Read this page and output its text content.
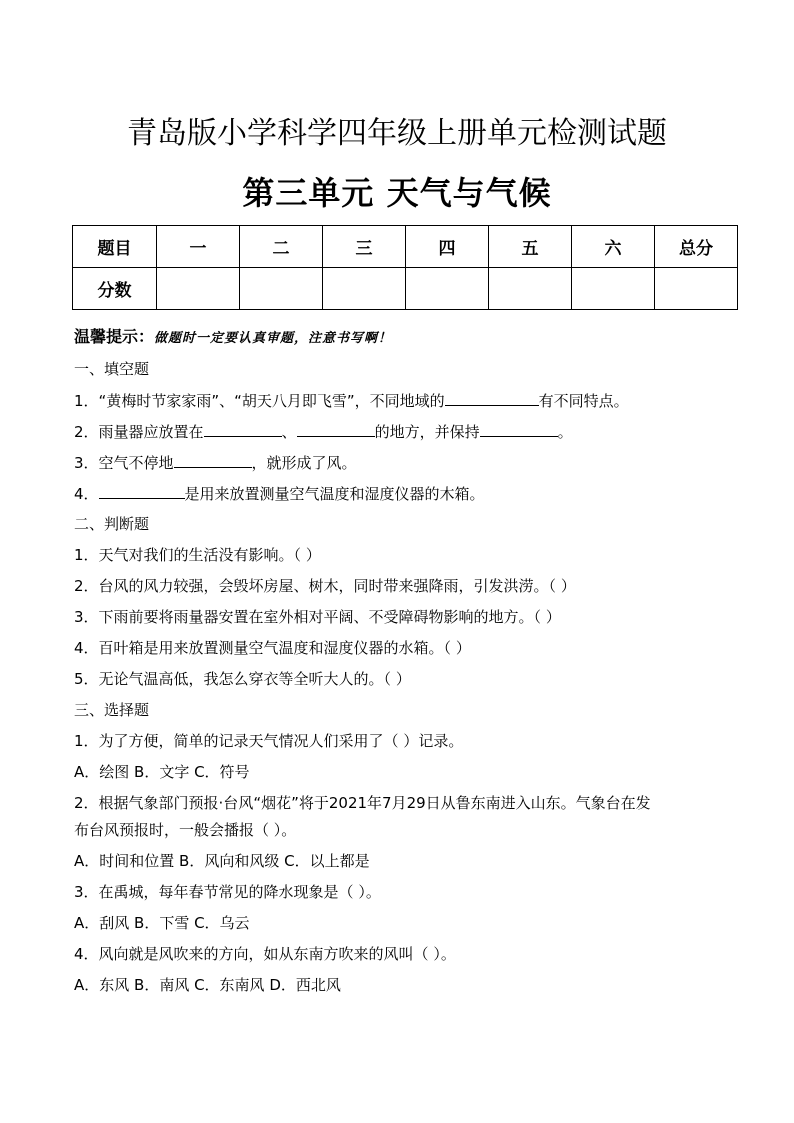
青岛版小学科学四年级上册单元检测试题
第三单元 天气与气候
题目	一	二	三	四	五	六	总分
分数							
温馨提示：做题时一定要认真审题，注意书写啊！
一、填空题
1．“黄梅时节家家雨”、“胡天八月即飞雪”，不同地域的	有不同特点。
2．雨量器应放置在	、	的地方，并保持	。
3．空气不停地	，就形成了风。
4．	是用来放置测量空气温度和湿度仪器的木箱。
二、判断题
1．天气对我们的生活没有影响。（ ）
2．台风的风力较强，会毁坏房屋、树木，同时带来强降雨，引发洪涝。（ ）
3．下雨前要将雨量器安置在室外相对平阔、不受障碍物影响的地方。（ ）
4．百叶箱是用来放置测量空气温度和湿度仪器的水箱。（ ）
5．无论气温高低，我怎么穿衣等全听大人的。（ ）
三、选择题
1．为了方便，简单的记录天气情况人们采用了（ ）记录。
A．绘图 B．文字 C．符号
2．根据气象部门预报·台风“烟花”将于2021年7月29日从鲁东南进入山东。气象台在发
布台风预报时，一般会播报（ ）。
A．时间和位置 B．风向和风级 C．以上都是
3．在禹城，每年春节常见的降水现象是（ ）。
A．刮风 B．下雪 C．乌云
4．风向就是风吹来的方向，如从东南方吹来的风叫（ ）。
A．东风 B．南风 C．东南风 D．西北风
